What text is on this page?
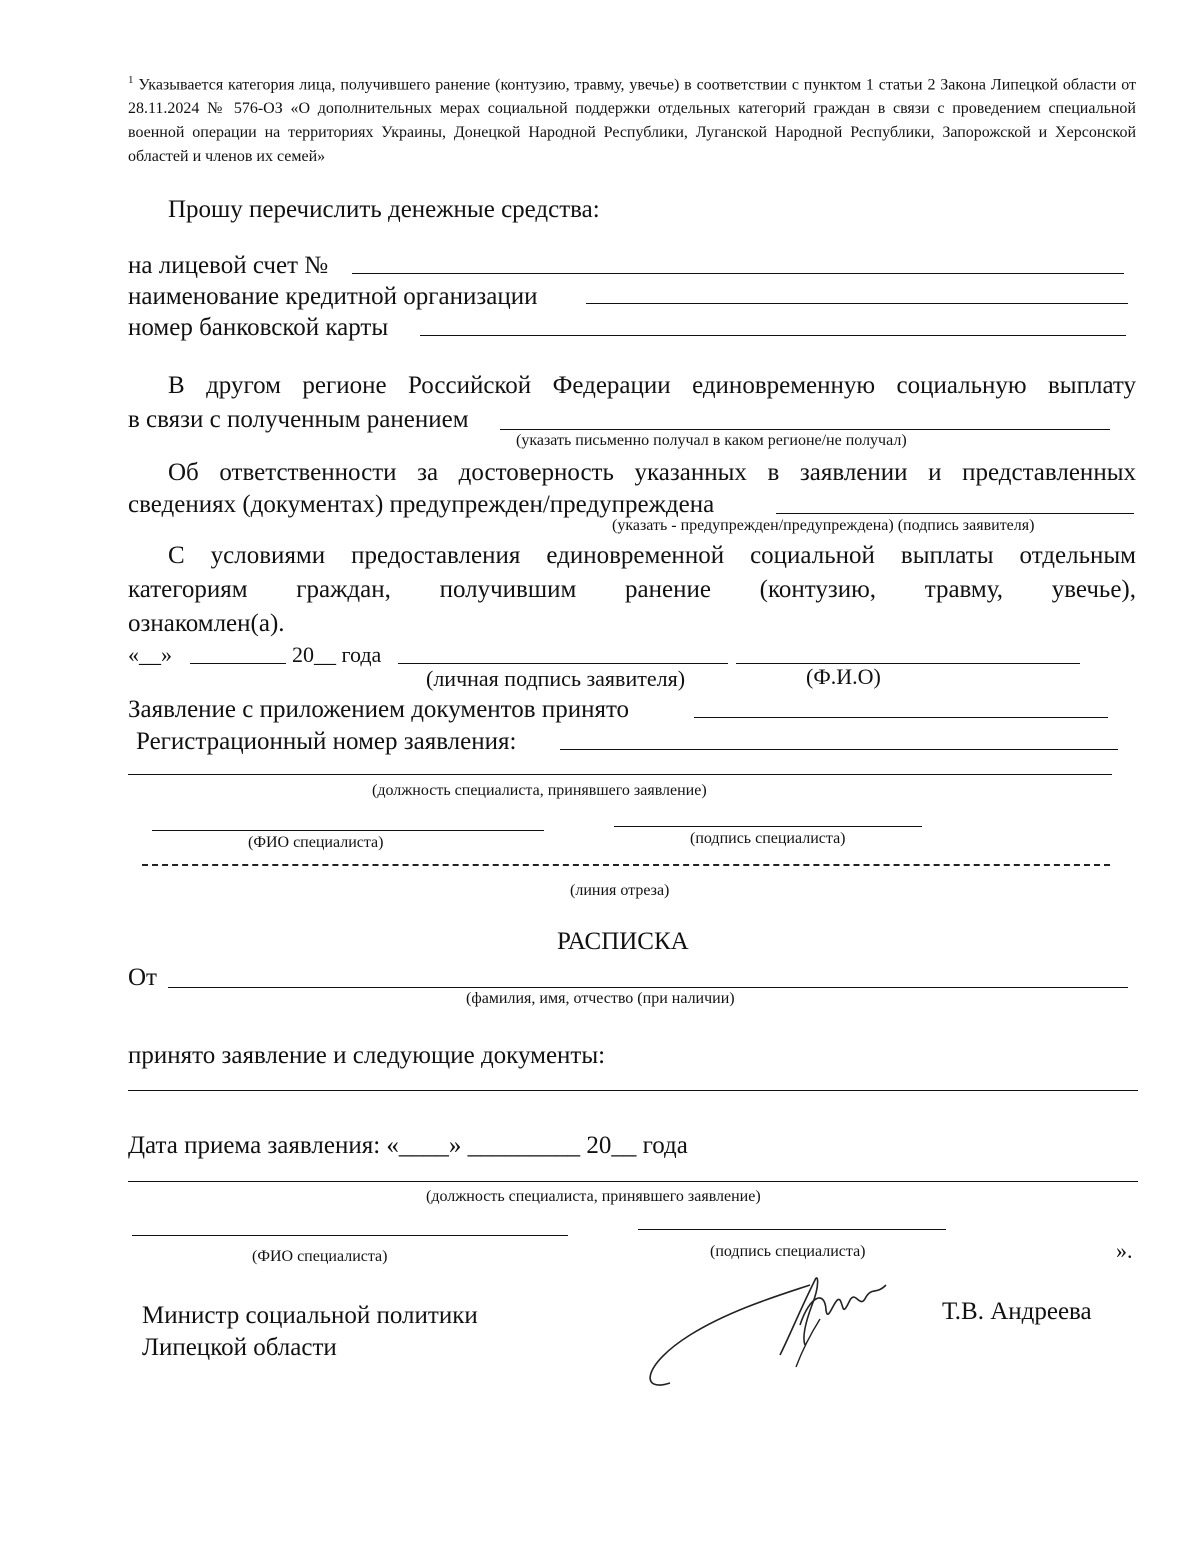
$^1$ Указывается категория лица, получившего ранение (контузию, травму, увечье) в соответствии с пунктом 1 статьи 2 Закона Липецкой области от 28.11.2024 № 576-ОЗ «О дополнительных мерах социальной поддержки отдельных категорий граждан в связи с проведением специальной военной операции на территориях Украины, Донецкой Народной Республики, Луганской Народной Республики, Запорожской и Херсонской областей и членов их семей»
Прошу перечислить денежные средства:
на лицевой счет №
наименование кредитной организации
номер банковской карты
В другом регионе Российской Федерации единовременную социальную выплату
в связи с полученным ранением
(указать письменно получал в каком регионе/не получал)
Об ответственности за достоверность указанных в заявлении и представленных
сведениях (документах) предупрежден/предупреждена
(указать - предупрежден/предупреждена) (подпись заявителя)
С условиями предоставления единовременной социальной выплаты отдельным
категориям граждан, получившим ранение (контузию, травму, увечье),
ознакомлен(а).
«__»	20__ года
(личная подпись заявителя)	(Ф.И.О)
Заявление с приложением документов принято
Регистрационный номер заявления:
(должность специалиста, принявшего заявление)
(ФИО специалиста)	(подпись специалиста)
(линия отреза)
РАСПИСКА
От
(фамилия, имя, отчество (при наличии)
принято заявление и следующие документы:
Дата приема заявления: «____» _________ 20__ года
(должность специалиста, принявшего заявление)
(ФИО специалиста)	(подпись специалиста)	».
Министр социальной политики
Липецкой области
Т.В. Андреева
